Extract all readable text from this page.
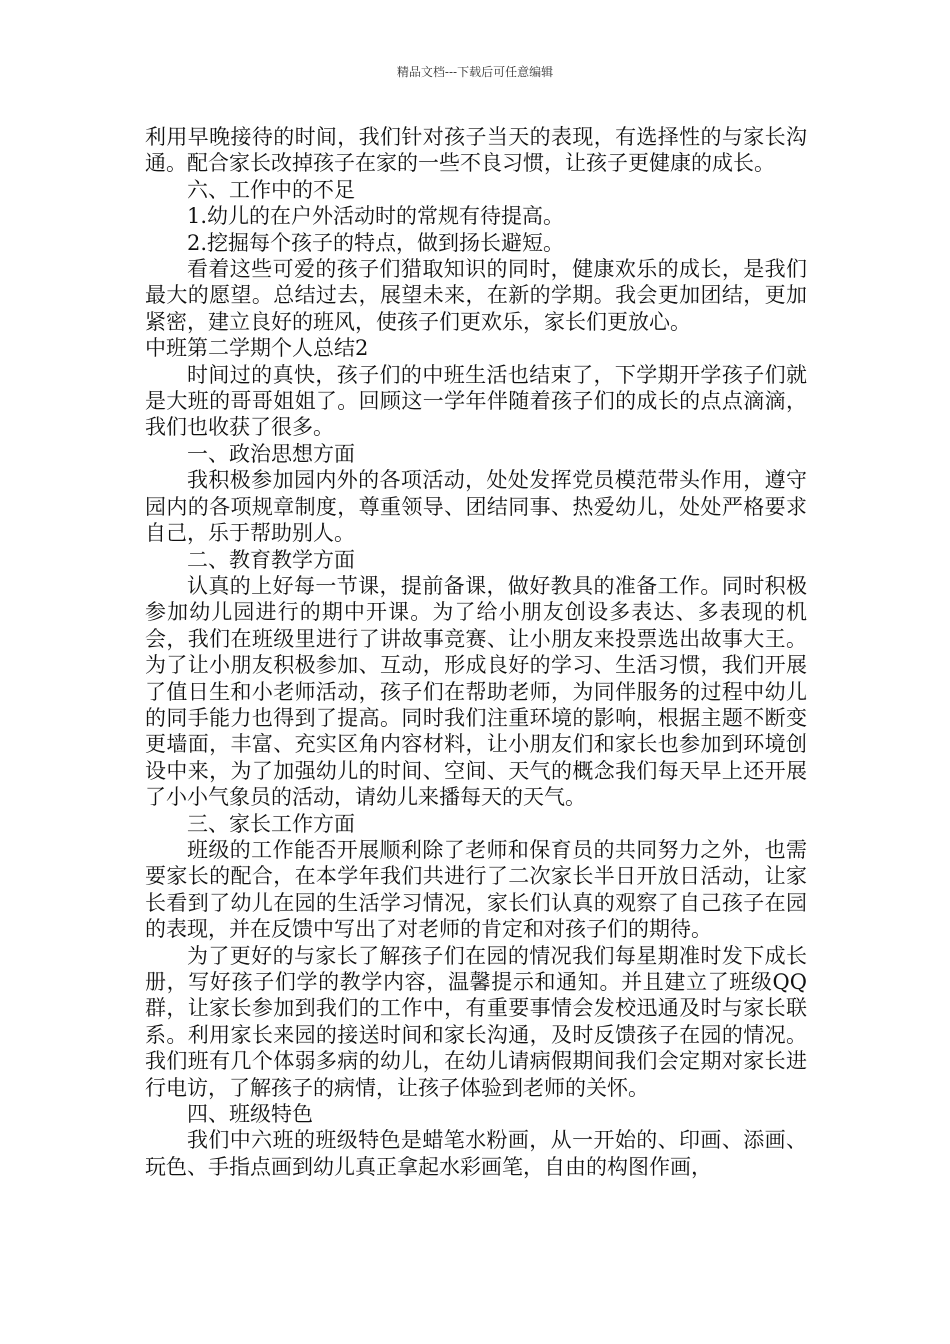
精品文档---下载后可任意编辑

利用早晚接待的时间，我们针对孩子当天的表现，有选择性的与家长沟通。配合家长改掉孩子在家的一些不良习惯，让孩子更健康的成长。

六、工作中的不足

1.幼儿的在户外活动时的常规有待提高。

2.挖掘每个孩子的特点，做到扬长避短。

看着这些可爱的孩子们猎取知识的同时，健康欢乐的成长，是我们最大的愿望。总结过去，展望未来，在新的学期。我会更加团结，更加紧密，建立良好的班风，使孩子们更欢乐，家长们更放心。

中班第二学期个人总结2

时间过的真快，孩子们的中班生活也结束了，下学期开学孩子们就是大班的哥哥姐姐了。回顾这一学年伴随着孩子们的成长的点点滴滴，我们也收获了很多。

一、政治思想方面

我积极参加园内外的各项活动，处处发挥党员模范带头作用，遵守园内的各项规章制度，尊重领导、团结同事、热爱幼儿，处处严格要求自己，乐于帮助别人。

二、教育教学方面

认真的上好每一节课，提前备课，做好教具的准备工作。同时积极参加幼儿园进行的期中开课。为了给小朋友创设多表达、多表现的机会，我们在班级里进行了讲故事竞赛、让小朋友来投票选出故事大王。为了让小朋友积极参加、互动，形成良好的学习、生活习惯，我们开展了值日生和小老师活动，孩子们在帮助老师，为同伴服务的过程中幼儿的同手能力也得到了提高。同时我们注重环境的影响，根据主题不断变更墙面，丰富、充实区角内容材料，让小朋友们和家长也参加到环境创设中来，为了加强幼儿的时间、空间、天气的概念我们每天早上还开展了小小气象员的活动，请幼儿来播每天的天气。

三、家长工作方面

班级的工作能否开展顺利除了老师和保育员的共同努力之外，也需要家长的配合，在本学年我们共进行了二次家长半日开放日活动，让家长看到了幼儿在园的生活学习情况，家长们认真的观察了自己孩子在园的表现，并在反馈中写出了对老师的肯定和对孩子们的期待。

为了更好的与家长了解孩子们在园的情况我们每星期准时发下成长册，写好孩子们学的教学内容，温馨提示和通知。并且建立了班级QQ群，让家长参加到我们的工作中，有重要事情会发校迅通及时与家长联系。利用家长来园的接送时间和家长沟通，及时反馈孩子在园的情况。我们班有几个体弱多病的幼儿，在幼儿请病假期间我们会定期对家长进行电访，了解孩子的病情，让孩子体验到老师的关怀。

四、班级特色

我们中六班的班级特色是蜡笔水粉画，从一开始的、印画、添画、玩色、手指点画到幼儿真正拿起水彩画笔，自由的构图作画，
